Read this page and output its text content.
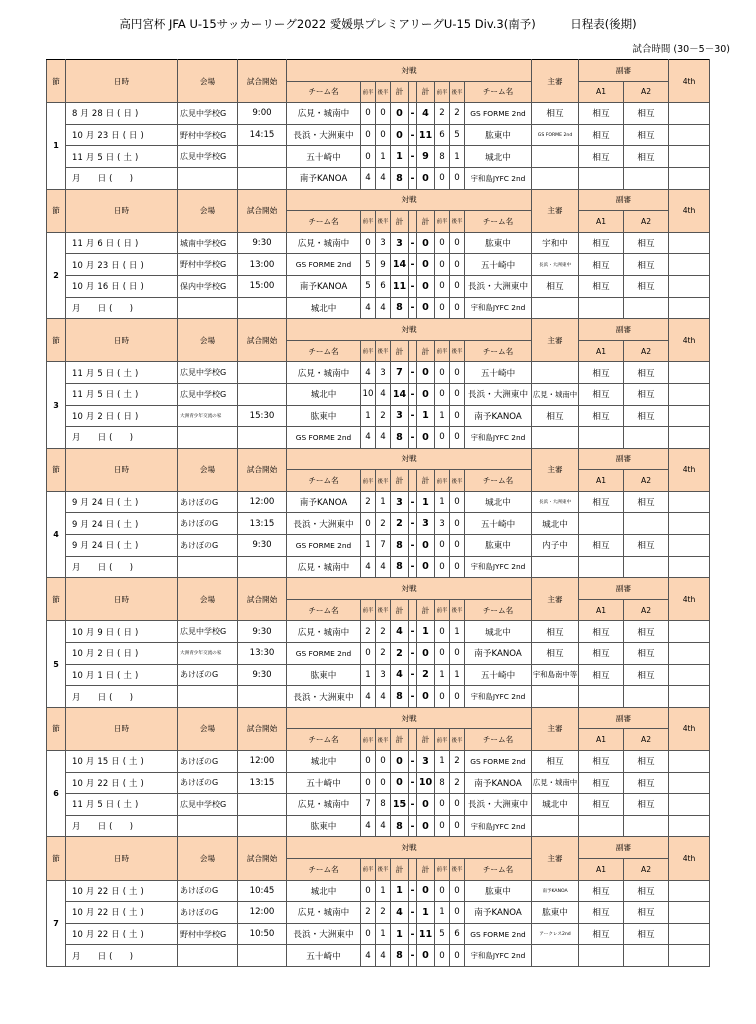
高円宮杯 JFA U-15サッカーリーグ2022 愛媛県プレミアリーグU-15 Div.3(南予)　　　日程表(後期)
試合時間 (30－5－30)
節	日時	会場	試合開始	対戦									主審	副審		4th
				チーム名	前半	後半	計		計	前半	後半	チーム名		A1	A2	
1	8 月 28 日 ( 日 )	広見中学校G	9:00	広見・城南中	0	0	0	-	4	2	2	GS FORME 2nd	相互	相互	相互	
	10 月 23 日 ( 日 )	野村中学校G	14:15	長浜・大洲東中	0	0	0	-	11	6	5	肱東中	GS FORME 2nd	相互	相互	
	11 月 5 日 ( 土 )	広見中学校G		五十崎中	0	1	1	-	9	8	1	城北中		相互	相互	
	月　　日 (　　)			南予KANOA	4	4	8	-	0	0	0	宇和島JYFC 2nd				
節	日時	会場	試合開始	対戦									主審	副審		4th
				チーム名	前半	後半	計		計	前半	後半	チーム名		A1	A2	
2	11 月 6 日 ( 日 )	城南中学校G	9:30	広見・城南中	0	3	3	-	0	0	0	肱東中	宇和中	相互	相互	
	10 月 23 日 ( 日 )	野村中学校G	13:00	GS FORME 2nd	5	9	14	-	0	0	0	五十崎中	長浜・大洲東中	相互	相互	
	10 月 16 日 ( 日 )	保内中学校G	15:00	南予KANOA	5	6	11	-	0	0	0	長浜・大洲東中	相互	相互	相互	
	月　　日 (　　)			城北中	4	4	8	-	0	0	0	宇和島JYFC 2nd				
節	日時	会場	試合開始	対戦									主審	副審		4th
				チーム名	前半	後半	計		計	前半	後半	チーム名		A1	A2	
3	11 月 5 日 ( 土 )	広見中学校G		広見・城南中	4	3	7	-	0	0	0	五十崎中		相互	相互	
	11 月 5 日 ( 土 )	広見中学校G		城北中	10	4	14	-	0	0	0	長浜・大洲東中	広見・城南中	相互	相互	
	10 月 2 日 ( 日 )	大洲青少年交流の家	15:30	肱東中	1	2	3	-	1	1	0	南予KANOA	相互	相互	相互	
	月　　日 (　　)			GS FORME 2nd	4	4	8	-	0	0	0	宇和島JYFC 2nd				
節	日時	会場	試合開始	対戦									主審	副審		4th
				チーム名	前半	後半	計		計	前半	後半	チーム名		A1	A2	
4	9 月 24 日 ( 土 )	あけぼのG	12:00	南予KANOA	2	1	3	-	1	1	0	城北中	長浜・大洲東中	相互	相互	
	9 月 24 日 ( 土 )	あけぼのG	13:15	長浜・大洲東中	0	2	2	-	3	3	0	五十崎中	城北中			
	9 月 24 日 ( 土 )	あけぼのG	9:30	GS FORME 2nd	1	7	8	-	0	0	0	肱東中	内子中	相互	相互	
	月　　日 (　　)			広見・城南中	4	4	8	-	0	0	0	宇和島JYFC 2nd				
節	日時	会場	試合開始	対戦									主審	副審		4th
				チーム名	前半	後半	計		計	前半	後半	チーム名		A1	A2	
5	10 月 9 日 ( 日 )	広見中学校G	9:30	広見・城南中	2	2	4	-	1	0	1	城北中	相互	相互	相互	
	10 月 2 日 ( 日 )	大洲青少年交流の家	13:30	GS FORME 2nd	0	2	2	-	0	0	0	南予KANOA	相互	相互	相互	
	10 月 1 日 ( 土 )	あけぼのG	9:30	肱東中	1	3	4	-	2	1	1	五十崎中	宇和島南中等	相互	相互	
	月　　日 (　　)			長浜・大洲東中	4	4	8	-	0	0	0	宇和島JYFC 2nd				
節	日時	会場	試合開始	対戦									主審	副審		4th
				チーム名	前半	後半	計		計	前半	後半	チーム名		A1	A2	
6	10 月 15 日 ( 土 )	あけぼのG	12:00	城北中	0	0	0	-	3	1	2	GS FORME 2nd	相互	相互	相互	
	10 月 22 日 ( 土 )	あけぼのG	13:15	五十崎中	0	0	0	-	10	8	2	南予KANOA	広見・城南中	相互	相互	
	11 月 5 日 ( 土 )	広見中学校G		広見・城南中	7	8	15	-	0	0	0	長浜・大洲東中	城北中	相互	相互	
	月　　日 (　　)			肱東中	4	4	8	-	0	0	0	宇和島JYFC 2nd				
節	日時	会場	試合開始	対戦									主審	副審		4th
				チーム名	前半	後半	計		計	前半	後半	チーム名		A1	A2	
7	10 月 22 日 ( 土 )	あけぼのG	10:45	城北中	0	1	1	-	0	0	0	肱東中	南予KANOA	相互	相互	
	10 月 22 日 ( 土 )	あけぼのG	12:00	広見・城南中	2	2	4	-	1	1	0	南予KANOA	肱東中	相互	相互	
	10 月 22 日 ( 土 )	野村中学校G	10:50	長浜・大洲東中	0	1	1	-	11	5	6	GS FORME 2nd	アークレス2nd	相互	相互	
	月　　日 (　　)			五十崎中	4	4	8	-	0	0	0	宇和島JYFC 2nd				
